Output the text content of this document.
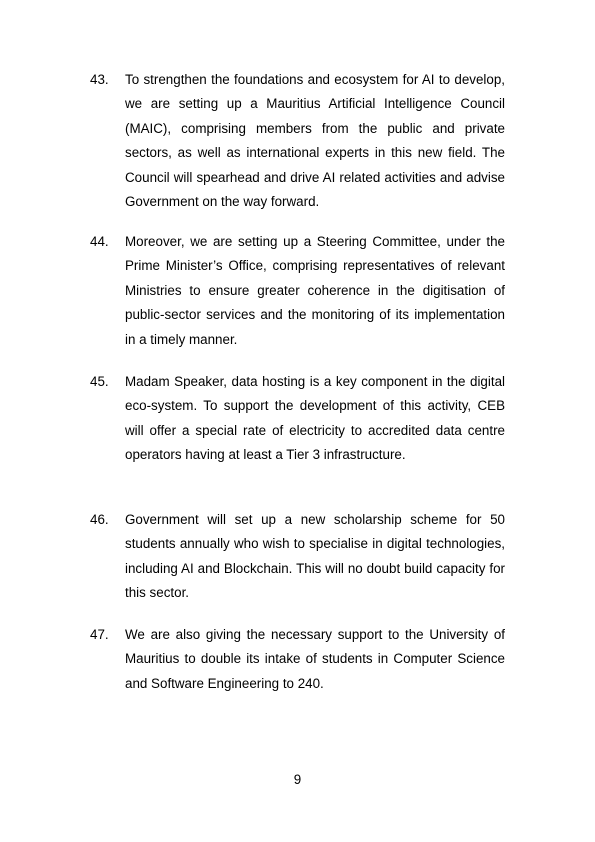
43.	To strengthen the foundations and ecosystem for AI to develop, we are setting up a Mauritius Artificial Intelligence Council (MAIC), comprising members from the public and private sectors, as well as international experts in this new field. The Council will spearhead and drive AI related activities and advise Government on the way forward.
44.	Moreover, we are setting up a Steering Committee, under the Prime Minister’s Office, comprising representatives of relevant Ministries to ensure greater coherence in the digitisation of public-sector services and the monitoring of its implementation in a timely manner.
45.	Madam Speaker, data hosting is a key component in the digital eco-system. To support the development of this activity, CEB will offer a special rate of electricity to accredited data centre operators having at least a Tier 3 infrastructure.
46.	Government will set up a new scholarship scheme for 50 students annually who wish to specialise in digital technologies, including AI and Blockchain. This will no doubt build capacity for this sector.
47.	We are also giving the necessary support to the University of Mauritius to double its intake of students in Computer Science and Software Engineering to 240.
9
